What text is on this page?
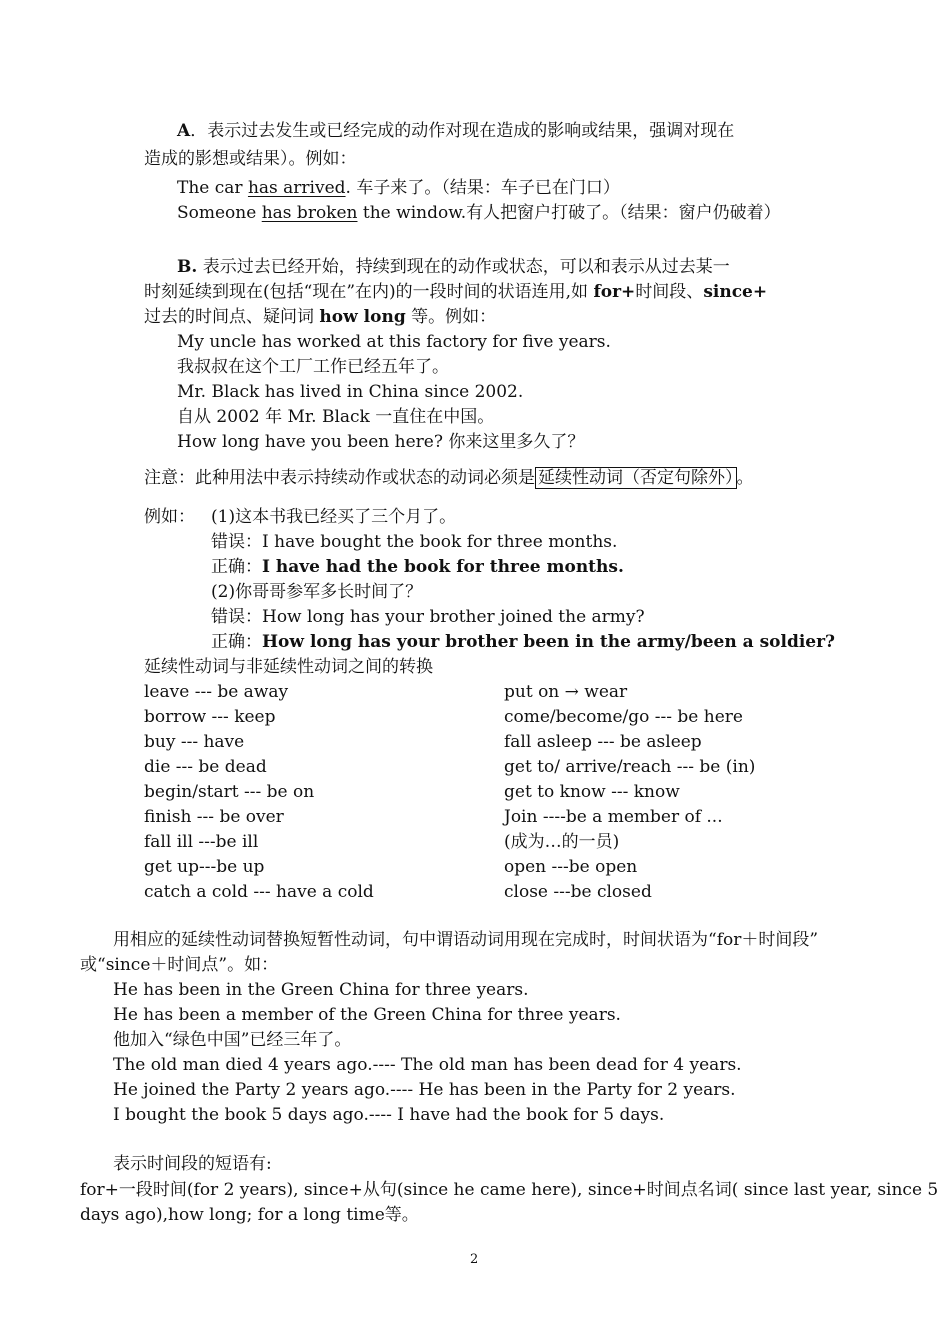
A．表示过去发生或已经完成的动作对现在造成的影响或结果，强调对现在
造成的影想或结果）。例如：
The car has arrived. 车子来了。（结果：车子已在门口）
Someone has broken the window.有人把窗户打破了。（结果：窗户仍破着）
B. 表示过去已经开始，持续到现在的动作或状态，可以和表示从过去某一
时刻延续到现在(包括“现在”在内)的一段时间的状语连用,如 for+时间段、since+
过去的时间点、疑问词 how long 等。例如：
My uncle has worked at this factory for five years.
我叔叔在这个工厂工作已经五年了。
Mr. Black has lived in China since 2002.
自从 2002 年 Mr. Black 一直住在中国。
How long have you been here? 你来这里多久了？
注意：此种用法中表示持续动作或状态的动词必须是 延续性动词（否定句除外） 。
例如： (1)这本书我已经买了三个月了。
错误：I have bought the book for three months.
正确：I have had the book for three months.
(2)你哥哥参军多长时间了？
错误：How long has your brother joined the army?
正确：How long has your brother been in the army/been a soldier?
延续性动词与非延续性动词之间的转换
leave --- be away
borrow --- keep
buy --- have
die --- be dead
begin/start --- be on
finish --- be over
fall ill ---be ill
get up---be up
catch a cold --- have a cold
put on → wear
come/become/go --- be here
fall asleep --- be asleep
get to/ arrive/reach --- be (in)
get to know --- know
Join ----be a member of ...
(成为…的一员)
open ---be open
close ---be closed
用相应的延续性动词替换短暂性动词，句中谓语动词用现在完成时，时间状语为“for＋时间段”
或“since＋时间点”。如：
He has been in the Green China for three years.
He has been a member of the Green China for three years.
他加入“绿色中国”已经三年了。
The old man died 4 years ago.---- The old man has been dead for 4 years.
He joined the Party 2 years ago.---- He has been in the Party for 2 years.
I bought the book 5 days ago.---- I have had the book for 5 days.
表示时间段的短语有:
for+一段时间(for 2 years), since+从句(since he came here), since+时间点名词( since last year, since 5
days ago),how long; for a long time等。
2
